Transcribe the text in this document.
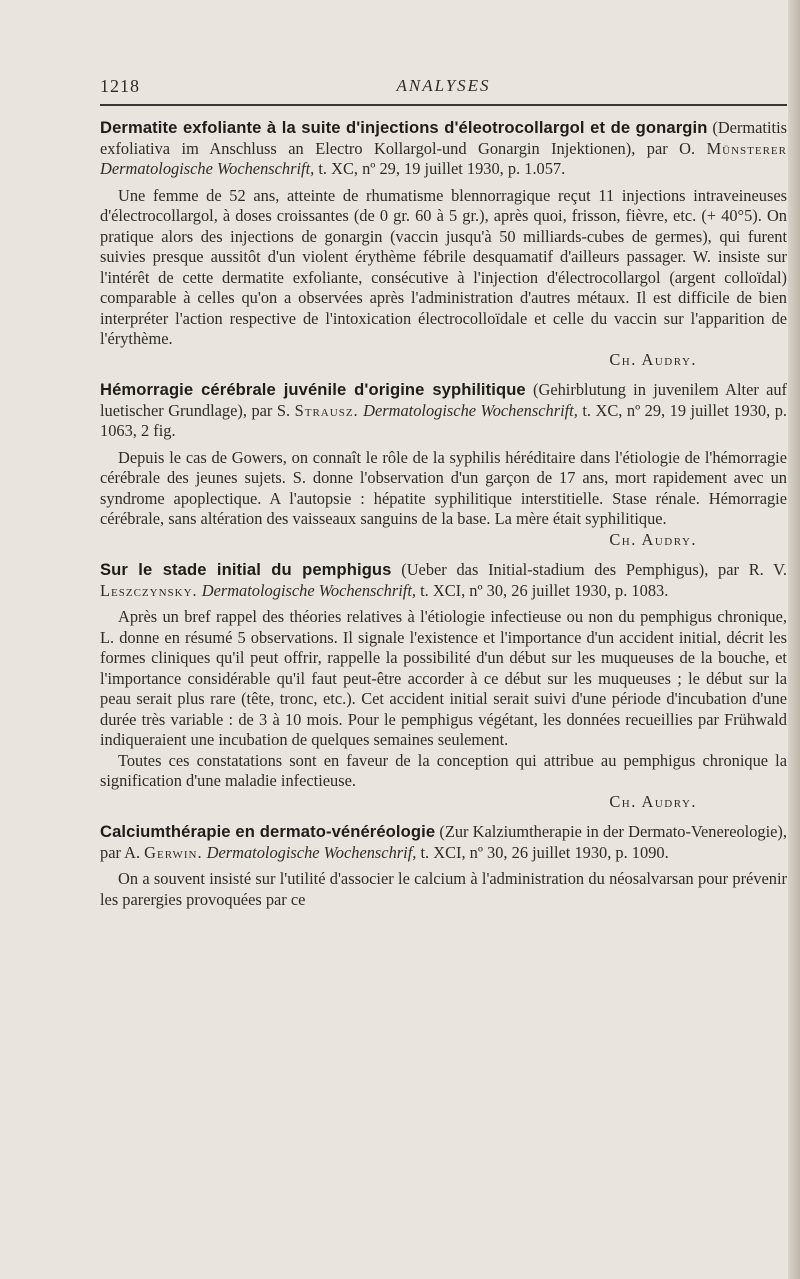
1218	ANALYSES

Dermatite exfoliante à la suite d'injections d'éleotrocollargol et de gonargin (Dermatitis exfoliativa im Anschluss an Electro Kollargol-und Gonargin Injektionen), par O. Münsterer Dermatologische Wochenschrift, t. XC, nº 29, 19 juillet 1930, p. 1.057.

Une femme de 52 ans, atteinte de rhumatisme blennorragique reçut 11 injections intraveineuses d'électrocollargol, à doses croissantes (de 0 gr. 60 à 5 gr.), après quoi, frisson, fièvre, etc. (+ 40°5). On pratique alors des injections de gonargin (vaccin jusqu'à 50 milliards-cubes de germes), qui furent suivies presque aussitôt d'un violent érythème fébrile desquamatif d'ailleurs passager. W. insiste sur l'intérêt de cette dermatite exfoliante, consécutive à l'injection d'électrocollargol (argent colloïdal) comparable à celles qu'on a observées après l'administration d'autres métaux. Il est difficile de bien interpréter l'action respective de l'intoxication électrocolloïdale et celle du vaccin sur l'apparition de l'érythème.

Ch. Audry.

Hémorragie cérébrale juvénile d'origine syphilitique (Gehirblutung in juvenilem Alter auf luetischer Grundlage), par S. Strausz. Dermatologische Wochenschrift, t. XC, nº 29, 19 juillet 1930, p. 1063, 2 fig.

Depuis le cas de Gowers, on connaît le rôle de la syphilis héréditaire dans l'étiologie de l'hémorragie cérébrale des jeunes sujets. S. donne l'observation d'un garçon de 17 ans, mort rapidement avec un syndrome apoplectique. A l'autopsie : hépatite syphilitique interstitielle. Stase rénale. Hémorragie cérébrale, sans altération des vaisseaux sanguins de la base. La mère était syphilitique.

Ch. Audry.

Sur le stade initial du pemphigus (Ueber das Initial-stadium des Pemphigus), par R. V. Leszczynsky. Dermatologische Wochenschrift, t. XCI, nº 30, 26 juillet 1930, p. 1083.

Après un bref rappel des théories relatives à l'étiologie infectieuse ou non du pemphigus chronique, L. donne en résumé 5 observations. Il signale l'existence et l'importance d'un accident initial, décrit les formes cliniques qu'il peut offrir, rappelle la possibilité d'un début sur les muqueuses de la bouche, et l'importance considérable qu'il faut peut-être accorder à ce début sur les muqueuses ; le début sur la peau serait plus rare (tête, tronc, etc.). Cet accident initial serait suivi d'une période d'incubation d'une durée très variable : de 3 à 10 mois. Pour le pemphigus végétant, les données recueillies par Frühwald indiqueraient une incubation de quelques semaines seulement.

Toutes ces constatations sont en faveur de la conception qui attribue au pemphigus chronique la signification d'une maladie infectieuse.

Ch. Audry.

Calciumthérapie en dermato-vénéréologie (Zur Kalziumtherapie in der Dermato-Venereologie), par A. Gerwin. Dermatologische Wochenschrif, t. XCI, nº 30, 26 juillet 1930, p. 1090.

On a souvent insisté sur l'utilité d'associer le calcium à l'administration du néosalvarsan pour prévenir les parergies provoquées par ce
